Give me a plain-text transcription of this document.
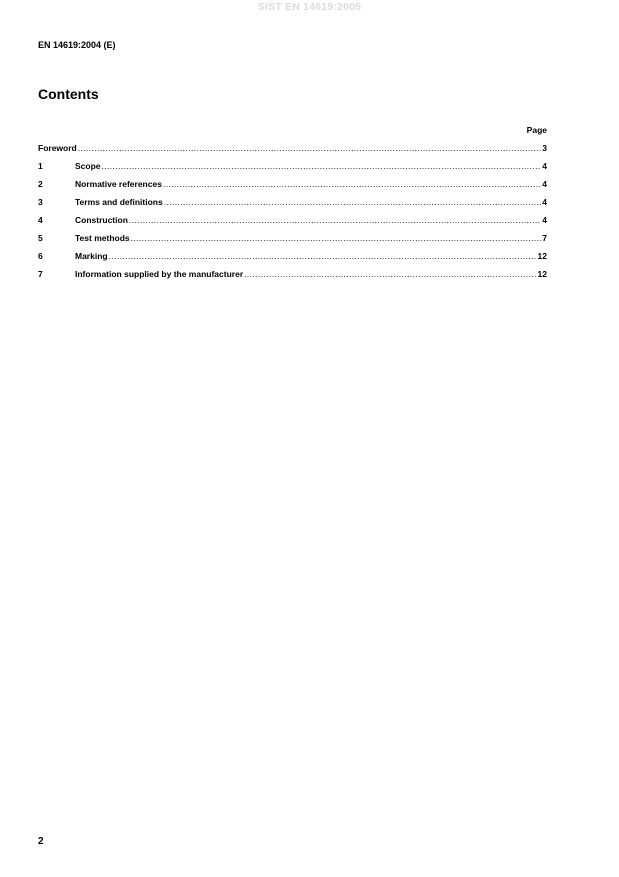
SIST EN 14619:2005
EN 14619:2004 (E)
Contents
Page
Foreword .....	3
1	Scope .....	4
2	Normative references .....	4
3	Terms and definitions .....	4
4	Construction .....	4
5	Test methods .....	7
6	Marking .....	12
7	Information supplied by the manufacturer .....	12
2
